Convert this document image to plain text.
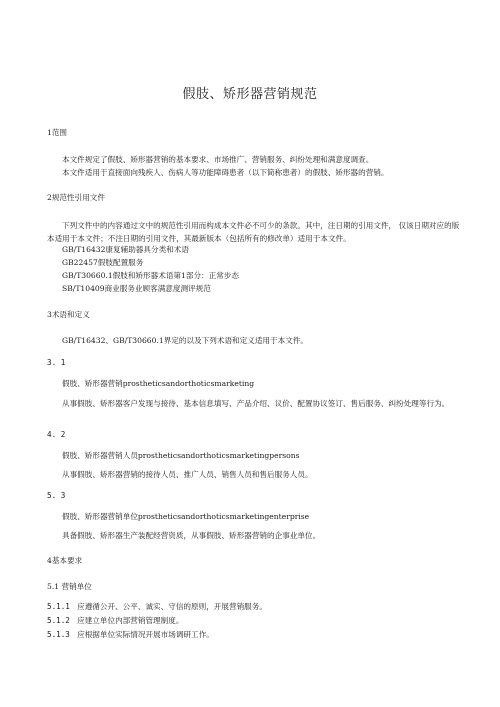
假肢、矫形器营销规范
1范围
本文件规定了假肢、矫形器营销的基本要求、市场推广、营销服务、纠纷处理和满意度调查。
本文件适用于直接面向残疾人、伤病人等功能障碍患者（以下简称患者）的假肢、矫形器的营销。
2规范性引用文件
下列文件中的内容通过文中的规范性引用而构成本文件必不可少的条款。其中，注日期的引用文件， 仅该日期对应的版本适用于本文件；不注日期的引用文件，其最新版本（包括所有的修改单）适用于本文件。
GB/T16432康复辅助器具分类和术语
GB22457假肢配置服务
GB/T30660.1假肢和矫形器术语第1部分：正常步态
SB/T10409商业服务业顾客满意度测评规范
3术语和定义
GB/T16432、GB/T30660.1界定的以及下列术语和定义适用于本文件。
3. 1
假肢、矫形器营销prostheticsandorthoticsmarketing
从事假肢、矫形器客户发现与接待、基本信息填写、产品介绍、议价、配置协议签订、售后服务、纠纷处理等行为。
4. 2
假肢、矫形器营销人员prostheticsandorthoticsmarketingpersons
从事假肢、矫形器营销的接待人员、推广人员、销售人员和售后服务人员。
5. 3
假肢、矫形器营销单位prostheticsandorthoticsmarketingenterprise
具备假肢、矫形器生产装配经营资质，从事假肢、矫形器营销的企事业单位。
4基本要求
5.1 营销单位
5.1.1 应遵循公开、公平、诚实、守信的原则，开展营销服务。
5.1.2 应建立单位内部营销管理制度。
5.1.3 应根据单位实际情况开展市场调研工作。
